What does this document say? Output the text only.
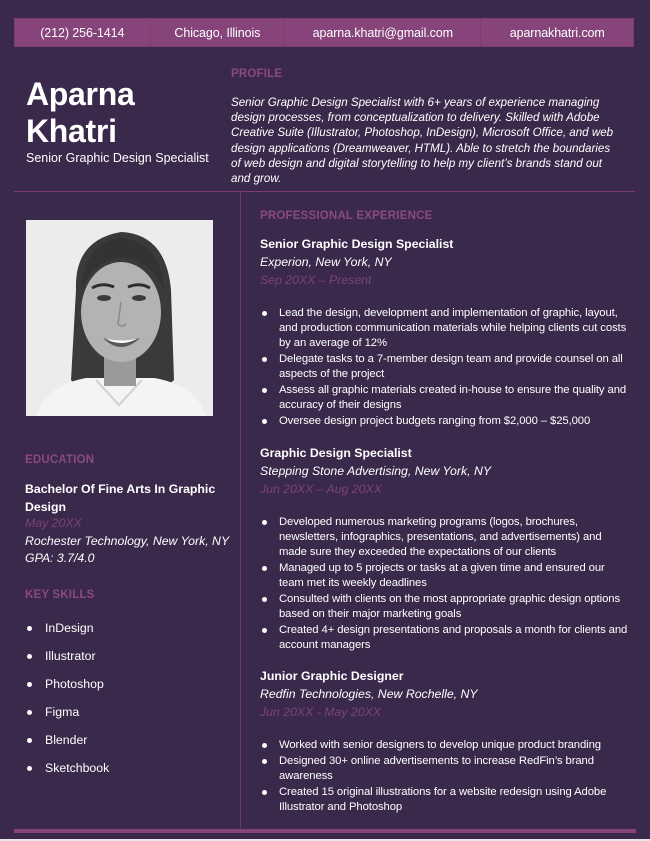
(212) 256-1414	Chicago, Illinois	aparna.khatri@gmail.com	aparnakhatri.com
Aparna Khatri
Senior Graphic Design Specialist
PROFILE
Senior Graphic Design Specialist with 6+ years of experience managing design processes, from conceptualization to delivery. Skilled with Adobe Creative Suite (Illustrator, Photoshop, InDesign), Microsoft Office, and web design applications (Dreamweaver, HTML). Able to stretch the boundaries of web design and digital storytelling to help my client’s brands stand out and grow.
EDUCATION
Bachelor Of Fine Arts In Graphic Design
May 20XX
Rochester Technology, New York, NY
GPA: 3.7/4.0
KEY SKILLS
InDesign
Illustrator
Photoshop
Figma
Blender
Sketchbook
PROFESSIONAL EXPERIENCE
Senior Graphic Design Specialist
Experion, New York, NY
Sep 20XX – Present
Lead the design, development and implementation of graphic, layout, and production communication materials while helping clients cut costs by an average of 12%
Delegate tasks to a 7-member design team and provide counsel on all aspects of the project
Assess all graphic materials created in-house to ensure the quality and accuracy of their designs
Oversee design project budgets ranging from $2,000 – $25,000
Graphic Design Specialist
Stepping Stone Advertising, New York, NY
Jun 20XX – Aug 20XX
Developed numerous marketing programs (logos, brochures, newsletters, infographics, presentations, and advertisements) and made sure they exceeded the expectations of our clients
Managed up to 5 projects or tasks at a given time and ensured our team met its weekly deadlines
Consulted with clients on the most appropriate graphic design options based on their major marketing goals
Created 4+ design presentations and proposals a month for clients and account managers
Junior Graphic Designer
Redfin Technologies, New Rochelle, NY
Jun 20XX - May 20XX
Worked with senior designers to develop unique product branding
Designed 30+ online advertisements to increase RedFin’s brand awareness
Created 15 original illustrations for a website redesign using Adobe Illustrator and Photoshop
